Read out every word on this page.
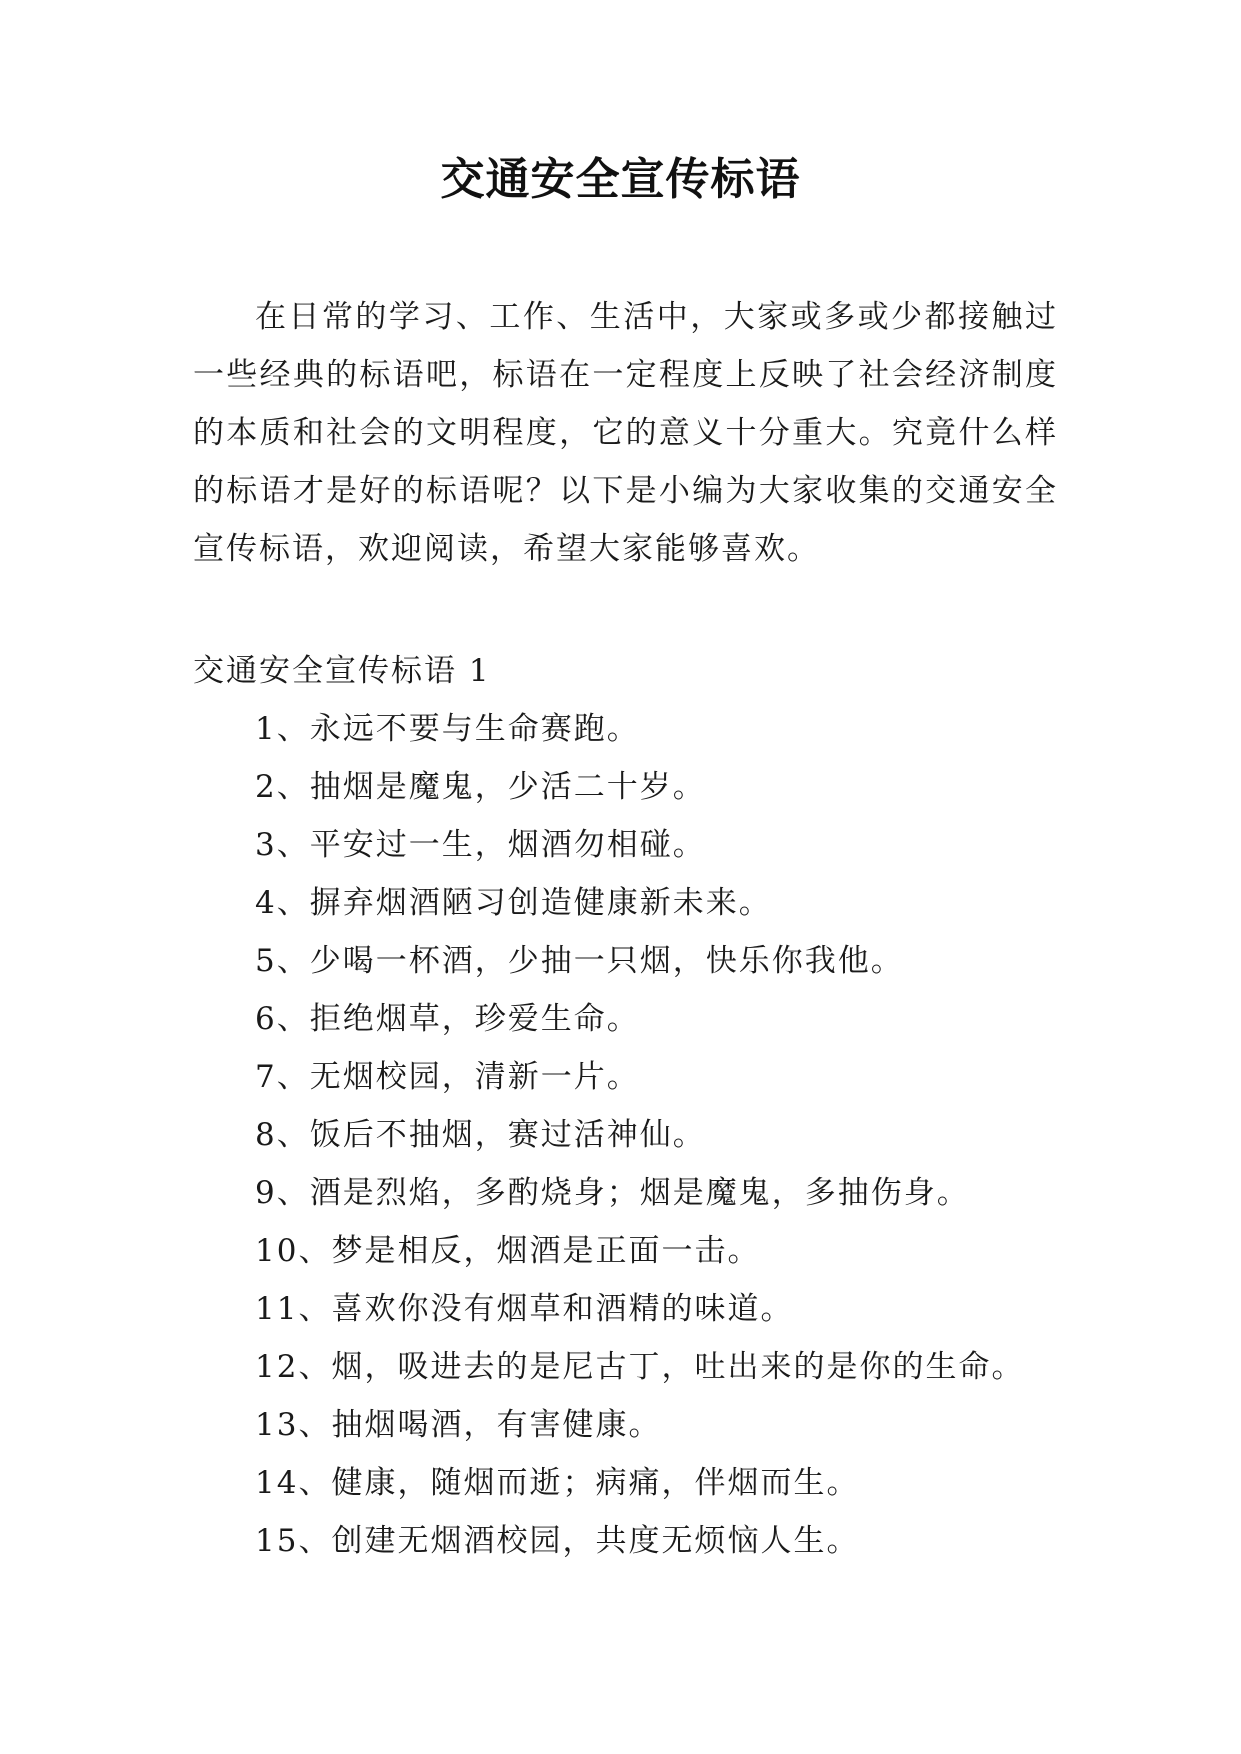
交通安全宣传标语

在日常的学习、工作、生活中，大家或多或少都接触过一些经典的标语吧，标语在一定程度上反映了社会经济制度的本质和社会的文明程度，它的意义十分重大。究竟什么样的标语才是好的标语呢？以下是小编为大家收集的交通安全宣传标语，欢迎阅读，希望大家能够喜欢。

交通安全宣传标语 1
1、永远不要与生命赛跑。
2、抽烟是魔鬼，少活二十岁。
3、平安过一生，烟酒勿相碰。
4、摒弃烟酒陋习创造健康新未来。
5、少喝一杯酒，少抽一只烟，快乐你我他。
6、拒绝烟草，珍爱生命。
7、无烟校园，清新一片。
8、饭后不抽烟，赛过活神仙。
9、酒是烈焰，多酌烧身；烟是魔鬼，多抽伤身。
10、梦是相反，烟酒是正面一击。
11、喜欢你没有烟草和酒精的味道。
12、烟，吸进去的是尼古丁，吐出来的是你的生命。
13、抽烟喝酒，有害健康。
14、健康，随烟而逝；病痛，伴烟而生。
15、创建无烟酒校园，共度无烦恼人生。
